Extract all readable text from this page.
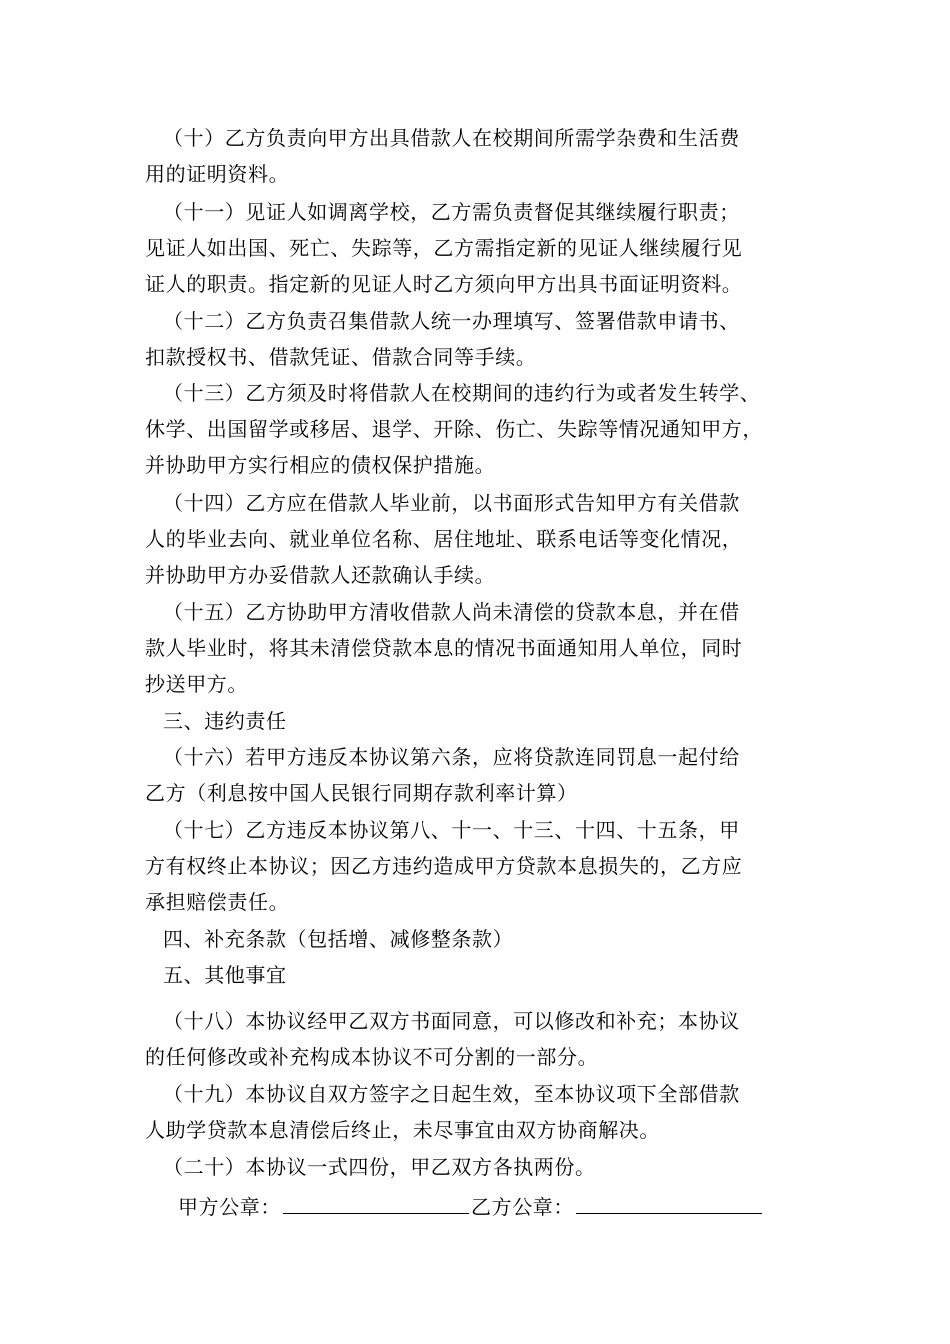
（十）乙方负责向甲方出具借款人在校期间所需学杂费和生活费
用的证明资料。
（十一）见证人如调离学校，乙方需负责督促其继续履行职责；
见证人如出国、死亡、失踪等，乙方需指定新的见证人继续履行见
证人的职责。指定新的见证人时乙方须向甲方出具书面证明资料。
（十二）乙方负责召集借款人统一办理填写、签署借款申请书、
扣款授权书、借款凭证、借款合同等手续。
（十三）乙方须及时将借款人在校期间的违约行为或者发生转学、
休学、出国留学或移居、退学、开除、伤亡、失踪等情况通知甲方，
并协助甲方实行相应的债权保护措施。
（十四）乙方应在借款人毕业前，以书面形式告知甲方有关借款
人的毕业去向、就业单位名称、居住地址、联系电话等变化情况，
并协助甲方办妥借款人还款确认手续。
（十五）乙方协助甲方清收借款人尚未清偿的贷款本息，并在借
款人毕业时，将其未清偿贷款本息的情况书面通知用人单位，同时
抄送甲方。
三、违约责任
（十六）若甲方违反本协议第六条，应将贷款连同罚息一起付给
乙方（利息按中国人民银行同期存款利率计算）
（十七）乙方违反本协议第八、十一、十三、十四、十五条，甲
方有权终止本协议；因乙方违约造成甲方贷款本息损失的，乙方应
承担赔偿责任。
四、补充条款（包括增、减修整条款）
五、其他事宜
（十八）本协议经甲乙双方书面同意，可以修改和补充；本协议
的任何修改或补充构成本协议不可分割的一部分。
（十九）本协议自双方签字之日起生效，至本协议项下全部借款
人助学贷款本息清偿后终止，未尽事宜由双方协商解决。
（二十）本协议一式四份，甲乙双方各执两份。
甲方公章：	乙方公章：
